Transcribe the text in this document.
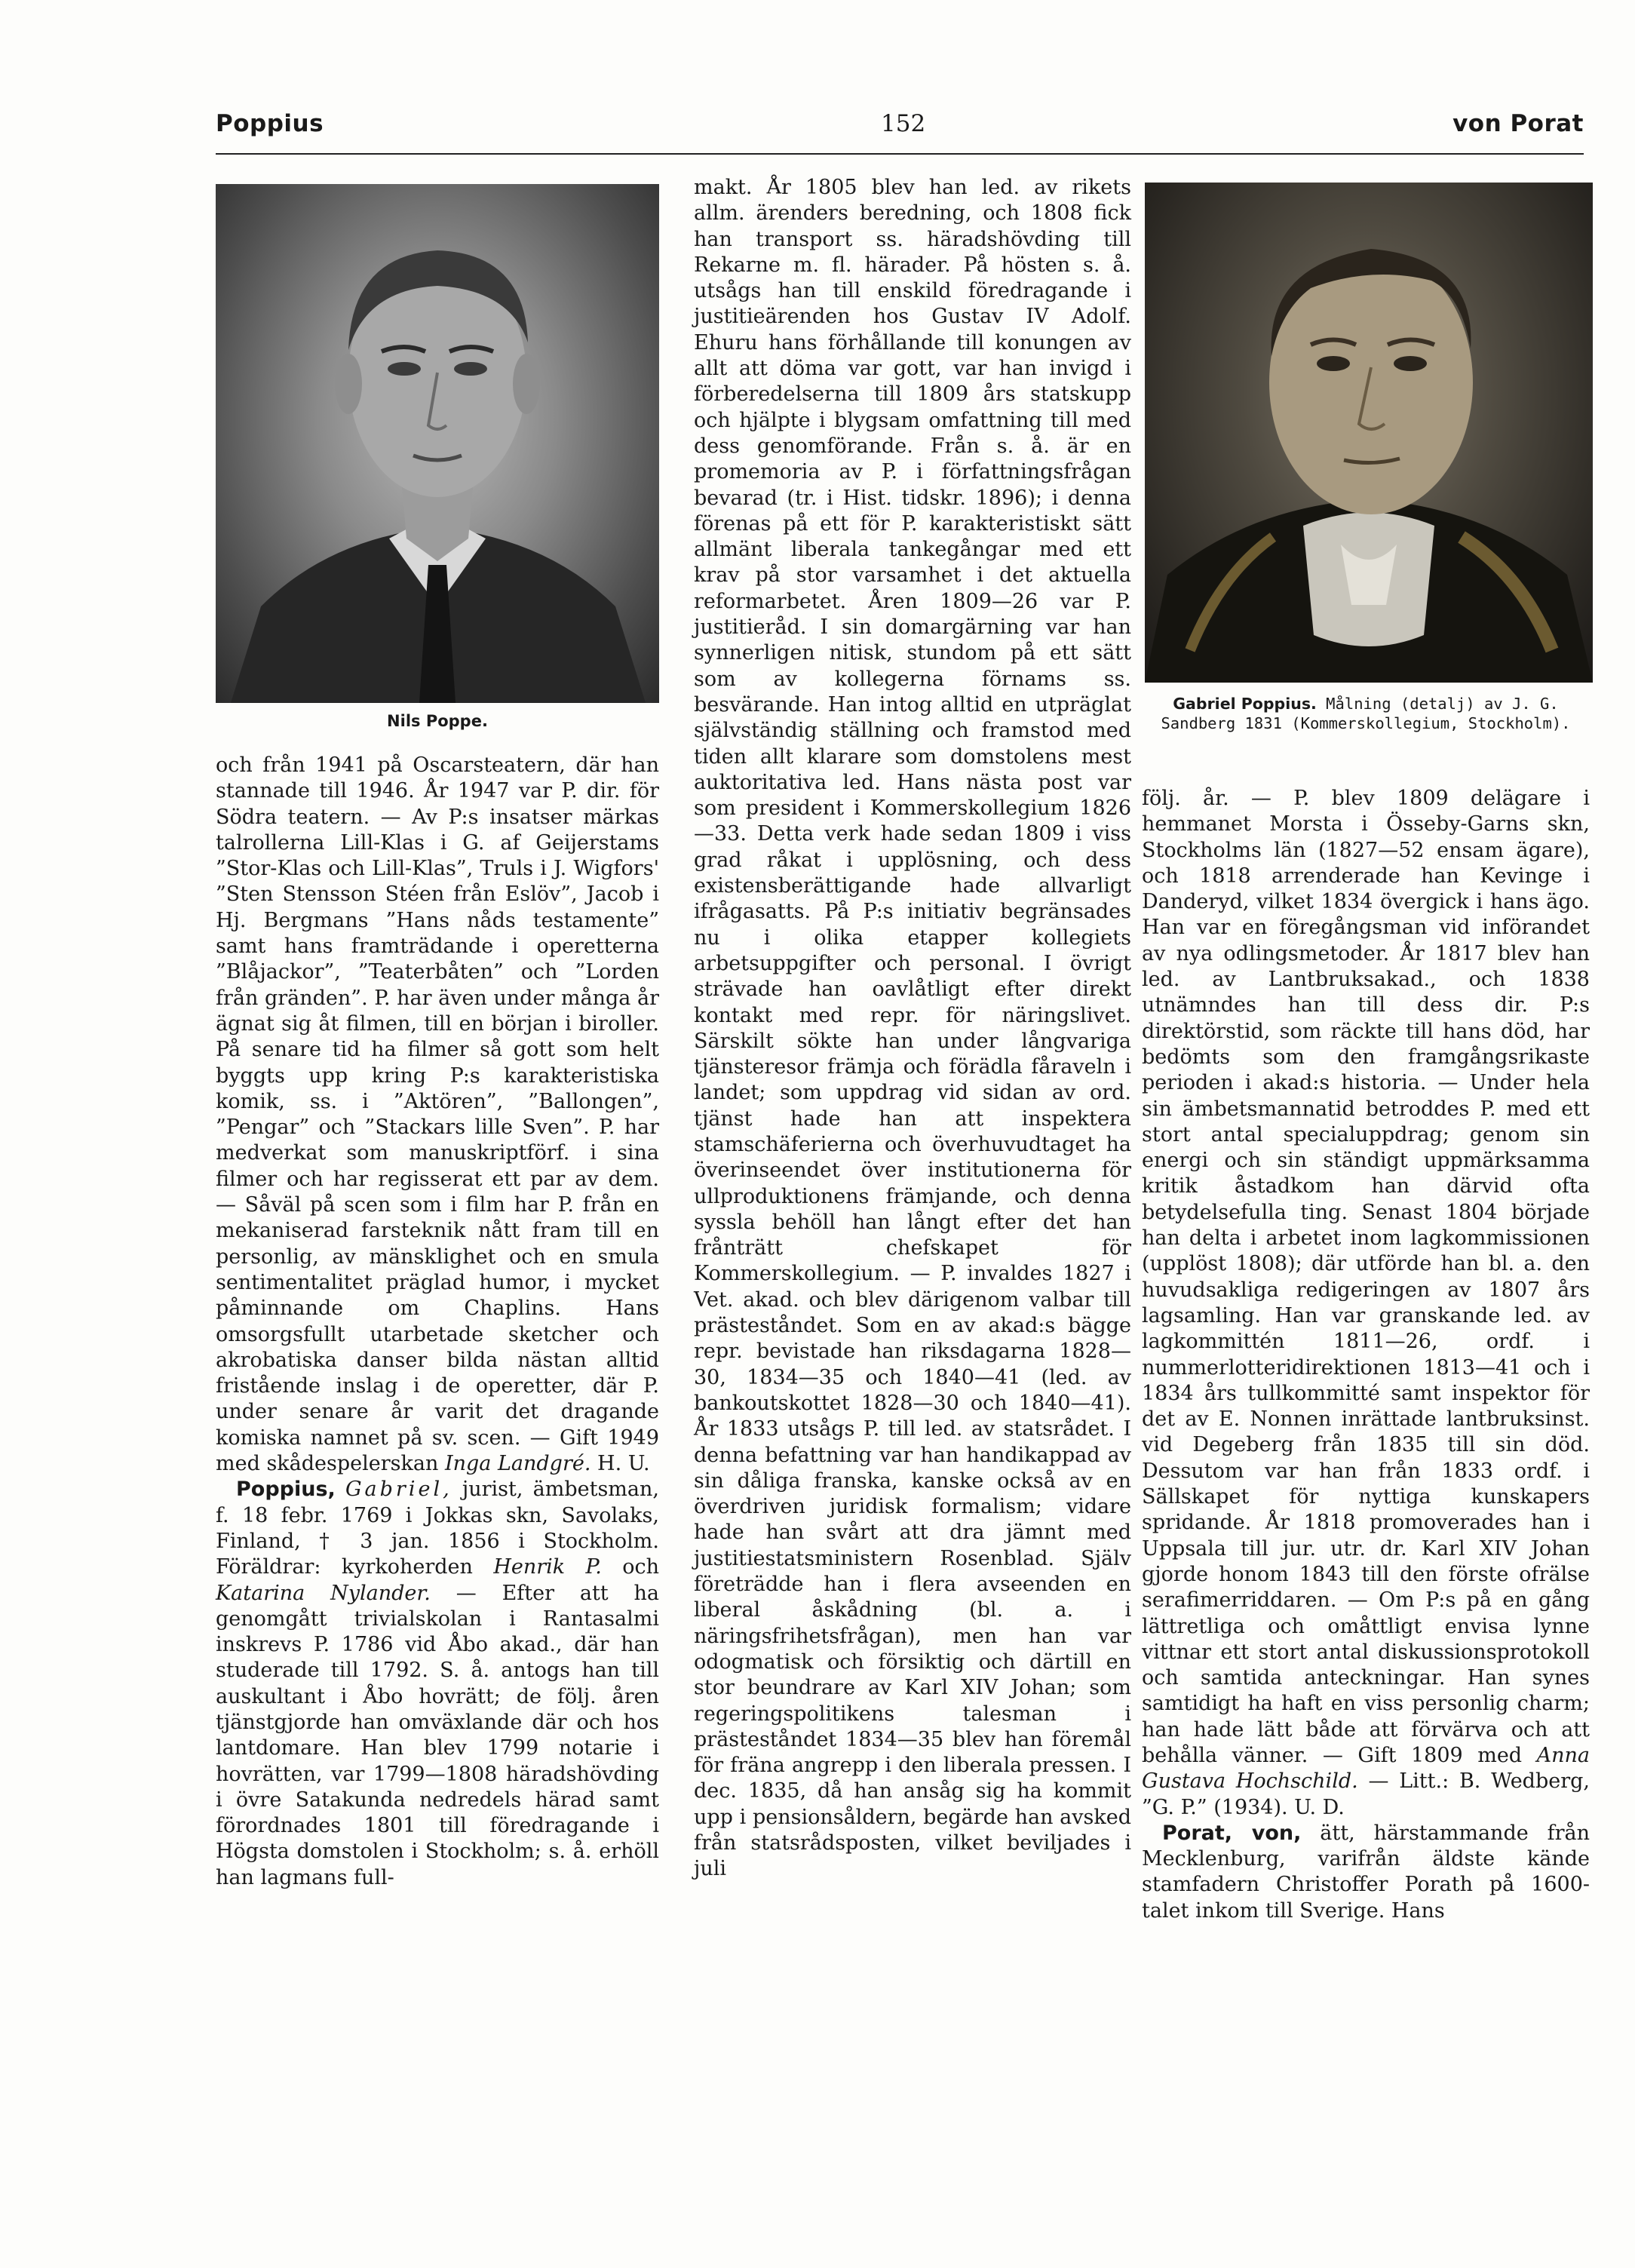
Poppius	152	von Porat
Nils Poppe.
Gabriel Poppius. Målning (detalj) av J. G. Sandberg 1831 (Kommerskollegium, Stockholm).

och från 1941 på Oscarsteatern, där han stannade till 1946. År 1947 var P. dir. för Södra teatern. — Av P:s insatser märkas talrollerna Lill-Klas i G. af Geijerstams ”Stor-Klas och Lill-Klas”, Truls i J. Wigfors' ”Sten Stensson Stéen från Eslöv”, Jacob i Hj. Bergmans ”Hans nåds testamente” samt hans framträdande i operetterna ”Blåjackor”, ”Teaterbåten” och ”Lorden från gränden”. P. har även under många år ägnat sig åt filmen, till en början i biroller. På senare tid ha filmer så gott som helt byggts upp kring P:s karakteristiska komik, ss. i ”Aktören”, ”Ballongen”, ”Pengar” och ”Stackars lille Sven”. P. har medverkat som manuskriptförf. i sina filmer och har regisserat ett par av dem. — Såväl på scen som i film har P. från en mekaniserad farsteknik nått fram till en personlig, av mänsklighet och en smula sentimentalitet präglad humor, i mycket påminnande om Chaplins. Hans omsorgsfullt utarbetade sketcher och akrobatiska danser bilda nästan alltid fristående inslag i de operetter, där P. under senare år varit det dragande komiska namnet på sv. scen. — Gift 1949 med skådespelerskan Inga Landgré. H. U.

 Poppius, Gabriel, jurist, ämbetsman, f. 18 febr. 1769 i Jokkas skn, Savolaks, Finland, † 3 jan. 1856 i Stockholm. Föräldrar: kyrkoherden Henrik P. och Katarina Nylander. — Efter att ha genomgått trivialskolan i Rantasalmi inskrevs P. 1786 vid Åbo akad., där han studerade till 1792. S. å. antogs han till auskultant i Åbo hovrätt; de följ. åren tjänstgjorde han omväxlande där och hos lantdomare. Han blev 1799 notarie i hovrätten, var 1799—1808 häradshövding i övre Satakunda nedredels härad samt förordnades 1801 till föredragande i Högsta domstolen i Stockholm; s. å. erhöll han lagmans full-

makt. År 1805 blev han led. av rikets allm. ärenders beredning, och 1808 fick han transport ss. häradshövding till Rekarne m. fl. härader. På hösten s. å. utsågs han till enskild föredragande i justitieärenden hos Gustav IV Adolf. Ehuru hans förhållande till konungen av allt att döma var gott, var han invigd i förberedelserna till 1809 års statskupp och hjälpte i blygsam omfattning till med dess genomförande. Från s. å. är en promemoria av P. i författningsfrågan bevarad (tr. i Hist. tidskr. 1896); i denna förenas på ett för P. karakteristiskt sätt allmänt liberala tankegångar med ett krav på stor varsamhet i det aktuella reformarbetet. Åren 1809—26 var P. justitieråd. I sin domargärning var han synnerligen nitisk, stundom på ett sätt som av kollegerna förnams ss. besvärande. Han intog alltid en utpräglat självständig ställning och framstod med tiden allt klarare som domstolens mest auktoritativa led. Hans nästa post var som president i Kommerskollegium 1826—33. Detta verk hade sedan 1809 i viss grad råkat i upplösning, och dess existensberättigande hade allvarligt ifrågasatts. På P:s initiativ begränsades nu i olika etapper kollegiets arbetsuppgifter och personal. I övrigt strävade han oavlåtligt efter direkt kontakt med repr. för näringslivet. Särskilt sökte han under långvariga tjänsteresor främja och förädla fåraveln i landet; som uppdrag vid sidan av ord. tjänst hade han att inspektera stamschäferierna och överhuvudtaget ha överinseendet över institutionerna för ullproduktionens främjande, och denna syssla behöll han långt efter det han frånträtt chefskapet för Kommerskollegium. — P. invaldes 1827 i Vet. akad. och blev därigenom valbar till prästeståndet. Som en av akad:s bägge repr. bevistade han riksdagarna 1828—30, 1834—35 och 1840—41 (led. av bankoutskottet 1828—30 och 1840—41). År 1833 utsågs P. till led. av statsrådet. I denna befattning var han handikappad av sin dåliga franska, kanske också av en överdriven juridisk formalism; vidare hade han svårt att dra jämnt med justitiestatsministern Rosenblad. Själv företrädde han i flera avseenden en liberal åskådning (bl. a. i näringsfrihetsfrågan), men han var odogmatisk och försiktig och därtill en stor beundrare av Karl XIV Johan; som regeringspolitikens talesman i prästeståndet 1834—35 blev han föremål för fräna angrepp i den liberala pressen. I dec. 1835, då han ansåg sig ha kommit upp i pensionsåldern, begärde han avsked från statsrådsposten, vilket beviljades i juli

följ. år. — P. blev 1809 delägare i hemmanet Morsta i Össeby-Garns skn, Stockholms län (1827—52 ensam ägare), och 1818 arrenderade han Kevinge i Danderyd, vilket 1834 övergick i hans ägo. Han var en föregångsman vid införandet av nya odlingsmetoder. År 1817 blev han led. av Lantbruksakad., och 1838 utnämndes han till dess dir. P:s direktörstid, som räckte till hans död, har bedömts som den framgångsrikaste perioden i akad:s historia. — Under hela sin ämbetsmannatid betroddes P. med ett stort antal specialuppdrag; genom sin energi och sin ständigt uppmärksamma kritik åstadkom han därvid ofta betydelsefulla ting. Senast 1804 började han delta i arbetet inom lagkommissionen (upplöst 1808); där utförde han bl. a. den huvudsakliga redigeringen av 1807 års lagsamling. Han var granskande led. av lagkommittén 1811—26, ordf. i nummerlotteridirektionen 1813—41 och i 1834 års tullkommitté samt inspektor för det av E. Nonnen inrättade lantbruksinst. vid Degeberg från 1835 till sin död. Dessutom var han från 1833 ordf. i Sällskapet för nyttiga kunskapers spridande. År 1818 promoverades han i Uppsala till jur. utr. dr. Karl XIV Johan gjorde honom 1843 till den förste ofrälse serafimerriddaren. — Om P:s på en gång lättretliga och omåttligt envisa lynne vittnar ett stort antal diskussionsprotokoll och samtida anteckningar. Han synes samtidigt ha haft en viss personlig charm; han hade lätt både att förvärva och att behålla vänner. — Gift 1809 med Anna Gustava Hochschild. — Litt.: B. Wedberg, ”G. P.” (1934). U. D.

 Porat, von, ätt, härstammande från Mecklenburg, varifrån äldste kände stamfadern Christoffer Porath på 1600-talet inkom till Sverige. Hans
